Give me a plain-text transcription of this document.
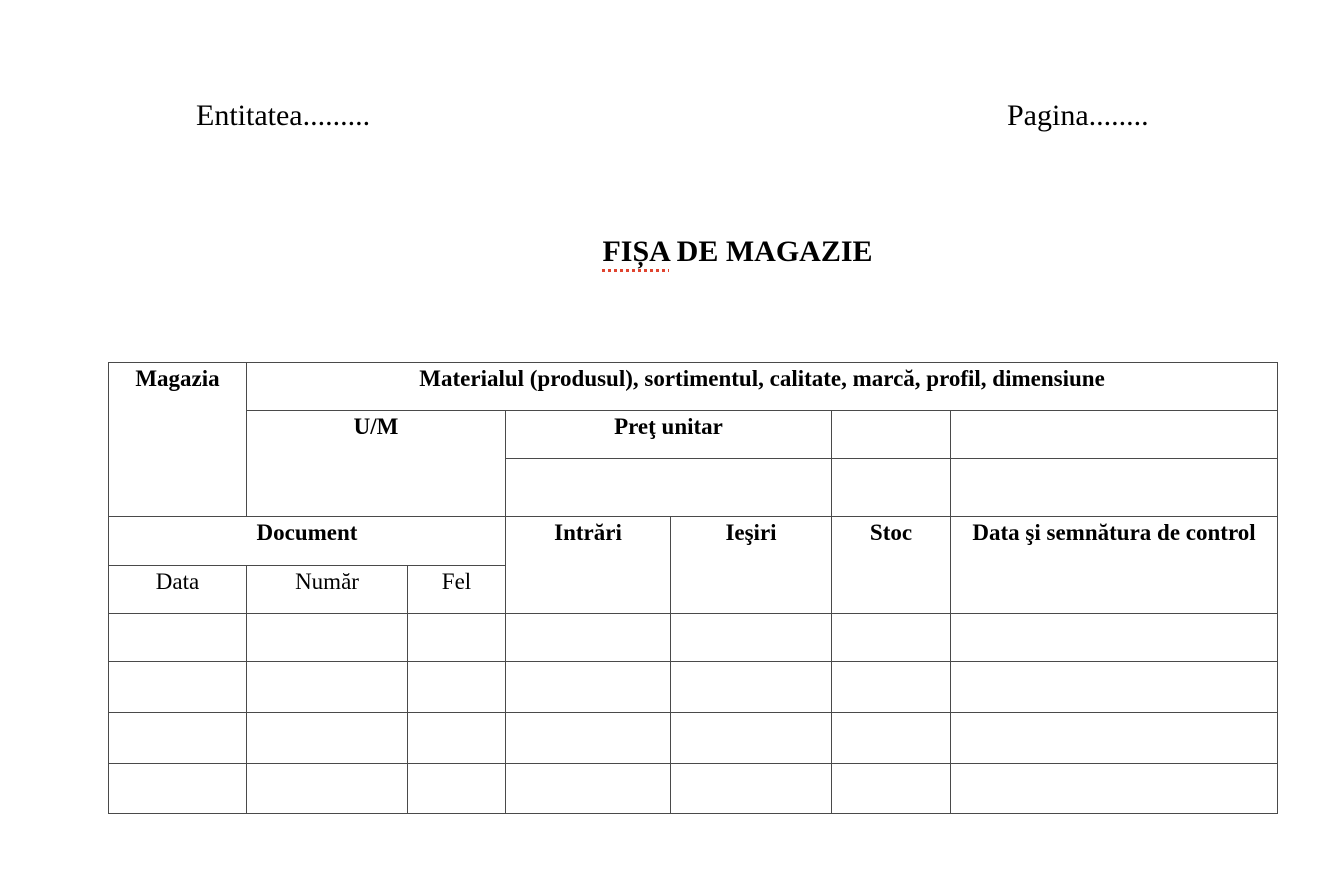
Entitatea.........	Pagina........
FIȘA DE MAGAZIE
Magazia	Materialul (produsul), sortimentul, calitate, marcă, profil, dimensiune					
	U/M		Preţ unitar			

Document			Intrări	Ieşiri	Stoc	Data şi semnătura de control
Data	Număr	Fel				
